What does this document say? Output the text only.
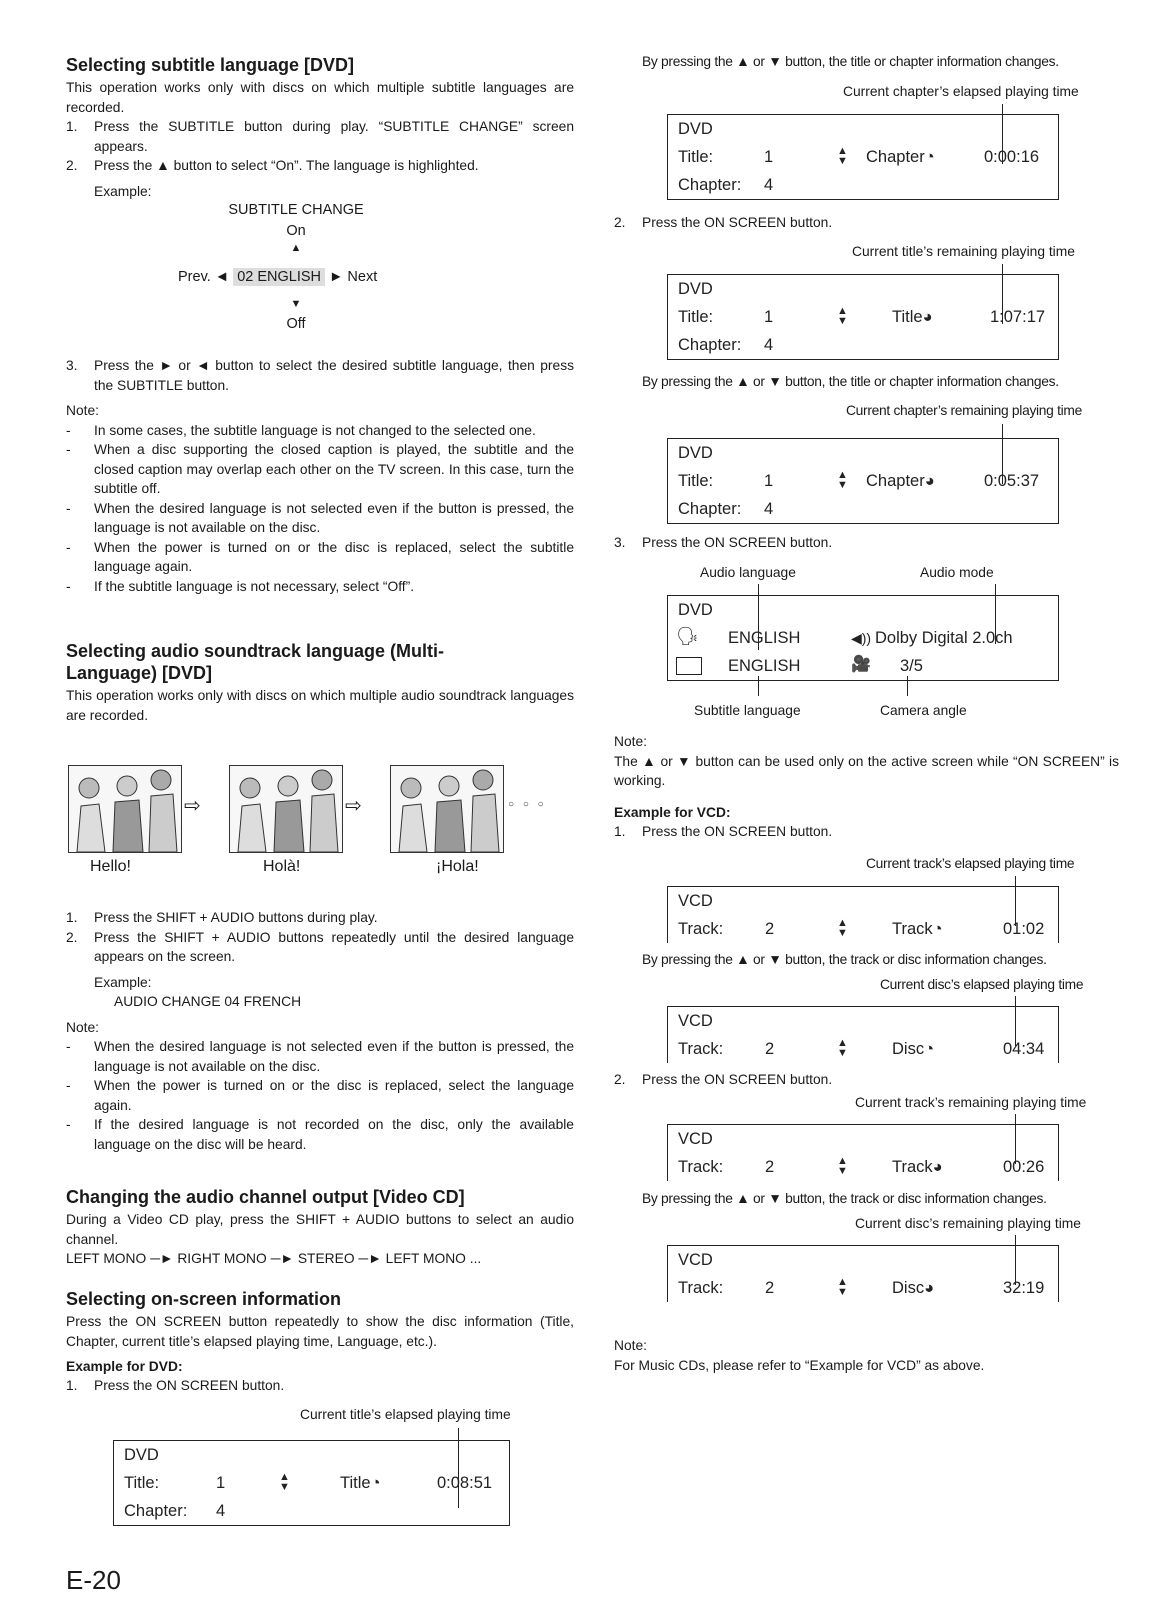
Selecting subtitle language [DVD]

This operation works only with discs on which multiple subtitle languages are recorded.

1. Press the SUBTITLE button during play. “SUBTITLE CHANGE” screen appears.
2. Press the ▲ button to select “On”. The language is highlighted.

Example:

SUBTITLE CHANGE
On
▲
Prev. ◄ 02 ENGLISH ► Next
▼
Off
3. Press the ► or ◄ button to select the desired subtitle language, then press the SUBTITLE button.

Note:

- In some cases, the subtitle language is not changed to the selected one.
- When a disc supporting the closed caption is played, the subtitle and the closed caption may overlap each other on the TV screen. In this case, turn the subtitle off.
- When the desired language is not selected even if the button is pressed, the language is not available on the disc.
- When the power is turned on or the disc is replaced, select the subtitle language again.
- If the subtitle language is not necessary, select “Off”.
Selecting audio soundtrack language (Multi-Language) [DVD]

This operation works only with discs on which multiple audio soundtrack languages are recorded.

⇨	⇨	○ ○ ○
Hello!	Holà!	¡Hola!
1. Press the SHIFT + AUDIO buttons during play.
2. Press the SHIFT + AUDIO buttons repeatedly until the desired language appears on the screen.

Example:

AUDIO CHANGE 04 FRENCH

Note:

- When the desired language is not selected even if the button is pressed, the language is not available on the disc.
- When the power is turned on or the disc is replaced, select the language again.
- If the desired language is not recorded on the disc, only the available language on the disc will be heard.
Changing the audio channel output [Video CD]

During a Video CD play, press the SHIFT + AUDIO buttons to select an audio channel.

LEFT MONO ─► RIGHT MONO ─► STEREO ─► LEFT MONO ...

Selecting on-screen information

Press the ON SCREEN button repeatedly to show the disc information (Title, Chapter, current title’s elapsed playing time, Language, etc.).

Example for DVD:

1. Press the ON SCREEN button.
Current title’s elapsed playing time
DVD
Title:	1	▲
▼	Title◔	0:08:51
Chapter: 4
E-20
By pressing the ▲ or ▼ button, the title or chapter information changes.
Current chapter’s elapsed playing time
DVD
Title:	1	▲
▼ Chapter◔	0:00:16
Chapter: 4
2. Press the ON SCREEN button.
Current title’s remaining playing time
DVD
Title:	1	▲
▼	Title◕	1:07:17
Chapter: 4
By pressing the ▲ or ▼ button, the title or chapter information changes.
Current chapter’s remaining playing time
DVD
Title:	1	▲
▼ Chapter◕	0:05:37
Chapter: 4
3. Press the ON SCREEN button.
Audio language	Audio mode
DVD
🗣 ENGLISH	◀)) Dolby Digital 2.0ch
ENGLISH	🎥 3/5
Subtitle language	Camera angle

Note:

The ▲ or ▼ button can be used only on the active screen while “ON SCREEN” is working.

Example for VCD:

1. Press the ON SCREEN button.
Current track’s elapsed playing time
VCD
Track:	2	▲
▼	Track◔	01:02
By pressing the ▲ or ▼ button, the track or disc information changes.
Current disc’s elapsed playing time
VCD
Track:	2	▲
▼	Disc◔	04:34
2. Press the ON SCREEN button.
Current track’s remaining playing time
VCD
Track:	2	▲
▼	Track◕	00:26
By pressing the ▲ or ▼ button, the track or disc information changes.
Current disc’s remaining playing time
VCD
Track:	2	▲
▼	Disc◕	32:19

Note:

For Music CDs, please refer to “Example for VCD” as above.
